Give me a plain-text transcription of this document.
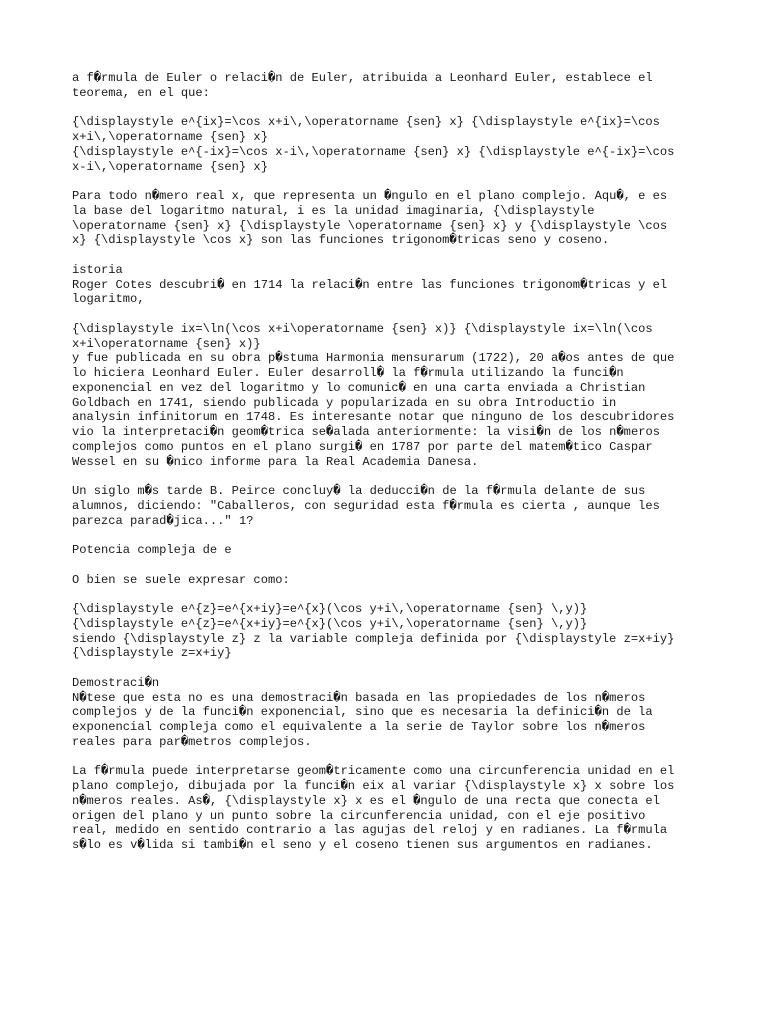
a f�rmula de Euler o relaci�n de Euler, atribuida a Leonhard Euler, establece el
teorema, en el que:
{\displaystyle e^{ix}=\cos x+i\,\operatorname {sen} x} {\displaystyle e^{ix}=\cos
x+i\,\operatorname {sen} x}
{\displaystyle e^{-ix}=\cos x-i\,\operatorname {sen} x} {\displaystyle e^{-ix}=\cos
x-i\,\operatorname {sen} x}
Para todo n�mero real x, que representa un �ngulo en el plano complejo. Aqu�, e es
la base del logaritmo natural, i es la unidad imaginaria, {\displaystyle
\operatorname {sen} x} {\displaystyle \operatorname {sen} x} y {\displaystyle \cos
x} {\displaystyle \cos x} son las funciones trigonom�tricas seno y coseno.
istoria
Roger Cotes descubri� en 1714 la relaci�n entre las funciones trigonom�tricas y el
logaritmo,
{\displaystyle ix=\ln(\cos x+i\operatorname {sen} x)} {\displaystyle ix=\ln(\cos
x+i\operatorname {sen} x)}
y fue publicada en su obra p�stuma Harmonia mensurarum (1722), 20 a�os antes de que
lo hiciera Leonhard Euler. Euler desarroll� la f�rmula utilizando la funci�n
exponencial en vez del logaritmo y lo comunic� en una carta enviada a Christian
Goldbach en 1741, siendo publicada y popularizada en su obra Introductio in
analysin infinitorum en 1748. Es interesante notar que ninguno de los descubridores
vio la interpretaci�n geom�trica se�alada anteriormente: la visi�n de los n�meros
complejos como puntos en el plano surgi� en 1787 por parte del matem�tico Caspar
Wessel en su �nico informe para la Real Academia Danesa.
Un siglo m�s tarde B. Peirce concluy� la deducci�n de la f�rmula delante de sus
alumnos, diciendo: "Caballeros, con seguridad esta f�rmula es cierta , aunque les
parezca parad�jica..." 1?
Potencia compleja de e
O bien se suele expresar como:
{\displaystyle e^{z}=e^{x+iy}=e^{x}(\cos y+i\,\operatorname {sen} \,y)}
{\displaystyle e^{z}=e^{x+iy}=e^{x}(\cos y+i\,\operatorname {sen} \,y)}
siendo {\displaystyle z} z la variable compleja definida por {\displaystyle z=x+iy}
{\displaystyle z=x+iy}
Demostraci�n
N�tese que esta no es una demostraci�n basada en las propiedades de los n�meros
complejos y de la funci�n exponencial, sino que es necesaria la definici�n de la
exponencial compleja como el equivalente a la serie de Taylor sobre los n�meros
reales para par�metros complejos.
La f�rmula puede interpretarse geom�tricamente como una circunferencia unidad en el
plano complejo, dibujada por la funci�n eix al variar {\displaystyle x} x sobre los
n�meros reales. As�, {\displaystyle x} x es el �ngulo de una recta que conecta el
origen del plano y un punto sobre la circunferencia unidad, con el eje positivo
real, medido en sentido contrario a las agujas del reloj y en radianes. La f�rmula
s�lo es v�lida si tambi�n el seno y el coseno tienen sus argumentos en radianes.
